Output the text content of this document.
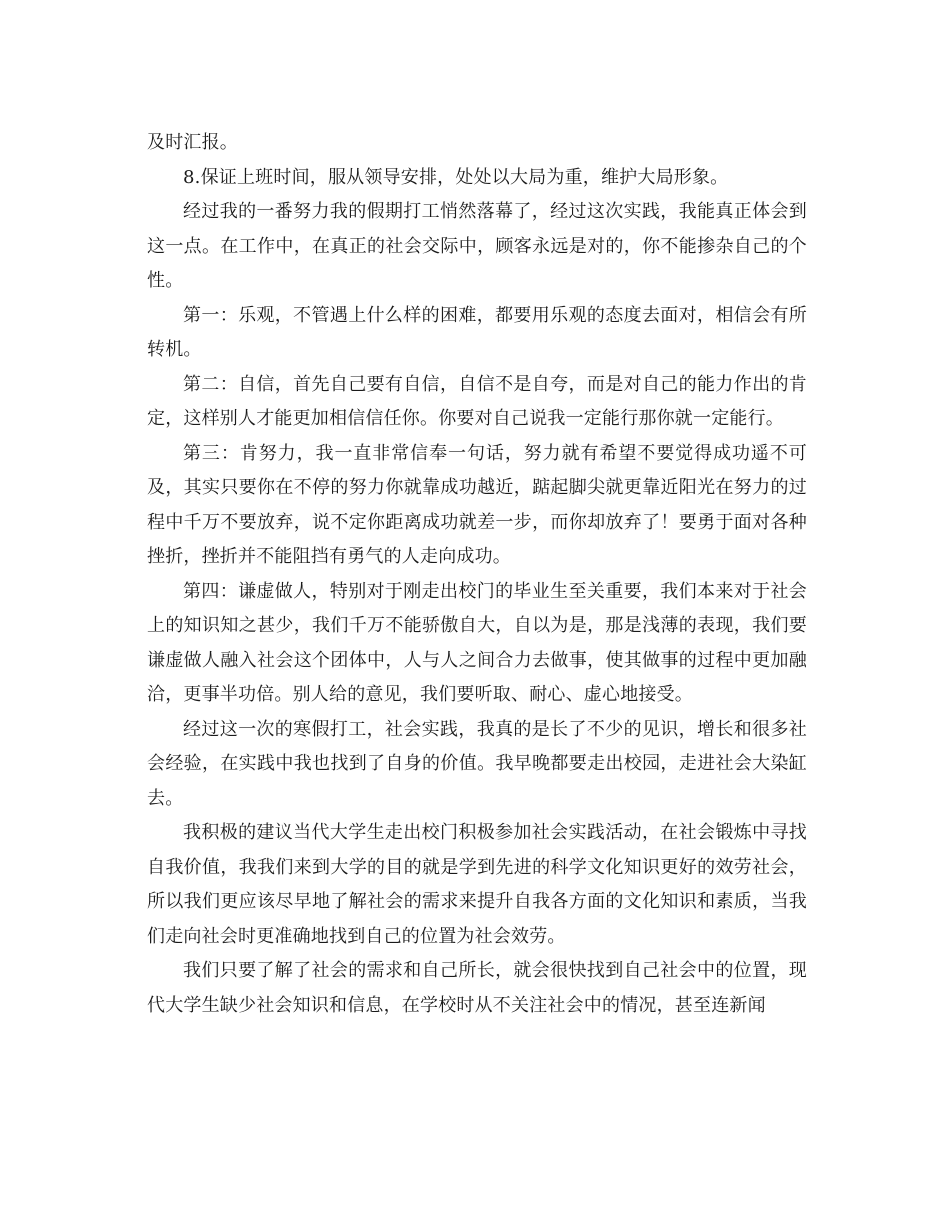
及时汇报。

8.保证上班时间，服从领导安排，处处以大局为重，维护大局形象。

经过我的一番努力我的假期打工悄然落幕了，经过这次实践，我能真正体会到这一点。在工作中，在真正的社会交际中，顾客永远是对的，你不能掺杂自己的个性。

第一：乐观，不管遇上什么样的困难，都要用乐观的态度去面对，相信会有所转机。

第二：自信，首先自己要有自信，自信不是自夸，而是对自己的能力作出的肯定，这样别人才能更加相信信任你。你要对自己说我一定能行那你就一定能行。

第三：肯努力，我一直非常信奉一句话，努力就有希望不要觉得成功遥不可及，其实只要你在不停的努力你就靠成功越近，踮起脚尖就更靠近阳光在努力的过程中千万不要放弃，说不定你距离成功就差一步，而你却放弃了！要勇于面对各种挫折，挫折并不能阻挡有勇气的人走向成功。

第四：谦虚做人，特别对于刚走出校门的毕业生至关重要，我们本来对于社会上的知识知之甚少，我们千万不能骄傲自大，自以为是，那是浅薄的表现，我们要谦虚做人融入社会这个团体中，人与人之间合力去做事，使其做事的过程中更加融洽，更事半功倍。别人给的意见，我们要听取、耐心、虚心地接受。

经过这一次的寒假打工，社会实践，我真的是长了不少的见识，增长和很多社会经验，在实践中我也找到了自身的价值。我早晚都要走出校园，走进社会大染缸去。

我积极的建议当代大学生走出校门积极参加社会实践活动，在社会锻炼中寻找自我价值，我我们来到大学的目的就是学到先进的科学文化知识更好的效劳社会，所以我们更应该尽早地了解社会的需求来提升自我各方面的文化知识和素质，当我们走向社会时更准确地找到自己的位置为社会效劳。

我们只要了解了社会的需求和自己所长，就会很快找到自己社会中的位置，现代大学生缺少社会知识和信息，在学校时从不关注社会中的情况，甚至连新闻
